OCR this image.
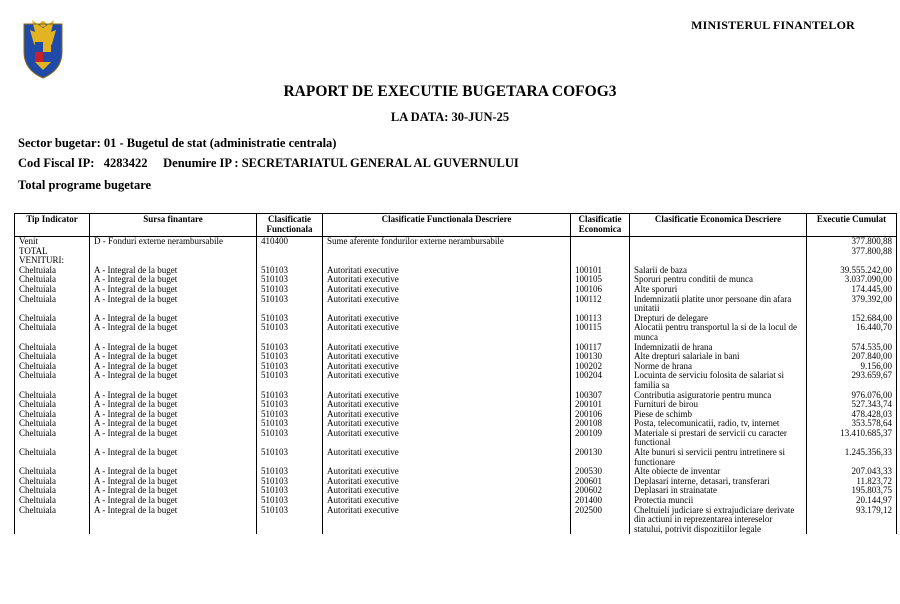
MINISTERUL FINANTELOR
RAPORT DE EXECUTIE BUGETARA COFOG3
LA DATA: 30-JUN-25
Sector bugetar: 01 - Bugetul de stat (administratie centrala)
Cod Fiscal IP: 4283422 Denumire IP : SECRETARIATUL GENERAL AL GUVERNULUI
Total programe bugetare
Tip Indicator	Sursa finantare	Clasificatie Functionala	Clasificatie Functionala Descriere	Clasificatie Economica	Clasificatie Economica Descriere	Executie Cumulat
Venit	D - Fonduri externe nerambursabile	410400	Sume aferente fondurilor externe nerambursabile			377.800,88
TOTAL VENITURI:						377.800,88
Cheltuiala	A - Integral de la buget	510103	Autoritati executive	100101	Salarii de baza	39.555.242,00
Cheltuiala	A - Integral de la buget	510103	Autoritati executive	100105	Sporuri pentru conditii de munca	3.037.090,00
Cheltuiala	A - Integral de la buget	510103	Autoritati executive	100106	Alte sporuri	174.445,00
Cheltuiala	A - Integral de la buget	510103	Autoritati executive	100112	Indemnizatii platite unor persoane din afara unitatii	379.392,00
Cheltuiala	A - Integral de la buget	510103	Autoritati executive	100113	Drepturi de delegare	152.684,00
Cheltuiala	A - Integral de la buget	510103	Autoritati executive	100115	Alocatii pentru transportul la si de la locul de munca	16.440,70
Cheltuiala	A - Integral de la buget	510103	Autoritati executive	100117	Indemnizatii de hrana	574.535,00
Cheltuiala	A - Integral de la buget	510103	Autoritati executive	100130	Alte drepturi salariale in bani	207.840,00
Cheltuiala	A - Integral de la buget	510103	Autoritati executive	100202	Norme de hrana	9.156,00
Cheltuiala	A - Integral de la buget	510103	Autoritati executive	100204	Locuinta de serviciu folosita de salariat si familia sa	293.659,67
Cheltuiala	A - Integral de la buget	510103	Autoritati executive	100307	Contributia asiguratorie pentru munca	976.076,00
Cheltuiala	A - Integral de la buget	510103	Autoritati executive	200101	Furnituri de birou	527.343,74
Cheltuiala	A - Integral de la buget	510103	Autoritati executive	200106	Piese de schimb	478.428,03
Cheltuiala	A - Integral de la buget	510103	Autoritati executive	200108	Posta, telecomunicatii, radio, tv, internet	353.578,64
Cheltuiala	A - Integral de la buget	510103	Autoritati executive	200109	Materiale si prestari de servicii cu caracter functional	13.410.685,37
Cheltuiala	A - Integral de la buget	510103	Autoritati executive	200130	Alte bunuri si servicii pentru intretinere si functionare	1.245.356,33
Cheltuiala	A - Integral de la buget	510103	Autoritati executive	200530	Alte obiecte de inventar	207.043,33
Cheltuiala	A - Integral de la buget	510103	Autoritati executive	200601	Deplasari interne, detasari, transferari	11.823,72
Cheltuiala	A - Integral de la buget	510103	Autoritati executive	200602	Deplasari in strainatate	195.803,75
Cheltuiala	A - Integral de la buget	510103	Autoritati executive	201400	Protectia muncii	20.144,97
Cheltuiala	A - Integral de la buget	510103	Autoritati executive	202500	Cheltuieli judiciare si extrajudiciare derivate din actiuni in reprezentarea intereselor statului, potrivit dispozitiilor legale	93.179,12
